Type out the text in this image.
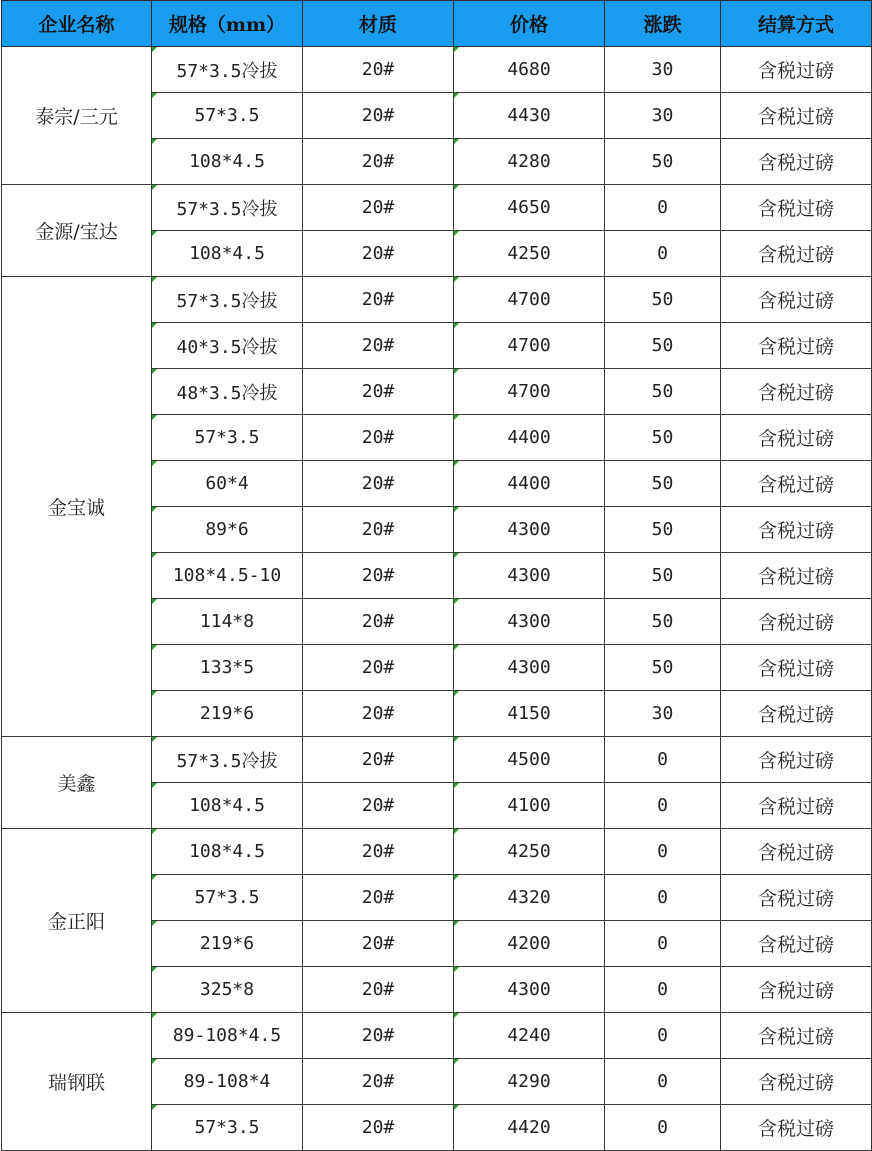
企业名称	规格（mm）	材质	价格	涨跌	结算方式
泰宗/三元	57*3.5冷拔	20#	4680	30	含税过磅
	57*3.5	20#	4430	30	含税过磅
	108*4.5	20#	4280	50	含税过磅
金源/宝达	57*3.5冷拔	20#	4650	0	含税过磅
	108*4.5	20#	4250	0	含税过磅
金宝诚	57*3.5冷拔	20#	4700	50	含税过磅
	40*3.5冷拔	20#	4700	50	含税过磅
	48*3.5冷拔	20#	4700	50	含税过磅
	57*3.5	20#	4400	50	含税过磅
	60*4	20#	4400	50	含税过磅
	89*6	20#	4300	50	含税过磅
	108*4.5-10	20#	4300	50	含税过磅
	114*8	20#	4300	50	含税过磅
	133*5	20#	4300	50	含税过磅
	219*6	20#	4150	30	含税过磅
美鑫	57*3.5冷拔	20#	4500	0	含税过磅
	108*4.5	20#	4100	0	含税过磅
金正阳	108*4.5	20#	4250	0	含税过磅
	57*3.5	20#	4320	0	含税过磅
	219*6	20#	4200	0	含税过磅
	325*8	20#	4300	0	含税过磅
瑞钢联	89-108*4.5	20#	4240	0	含税过磅
	89-108*4	20#	4290	0	含税过磅
	57*3.5	20#	4420	0	含税过磅
